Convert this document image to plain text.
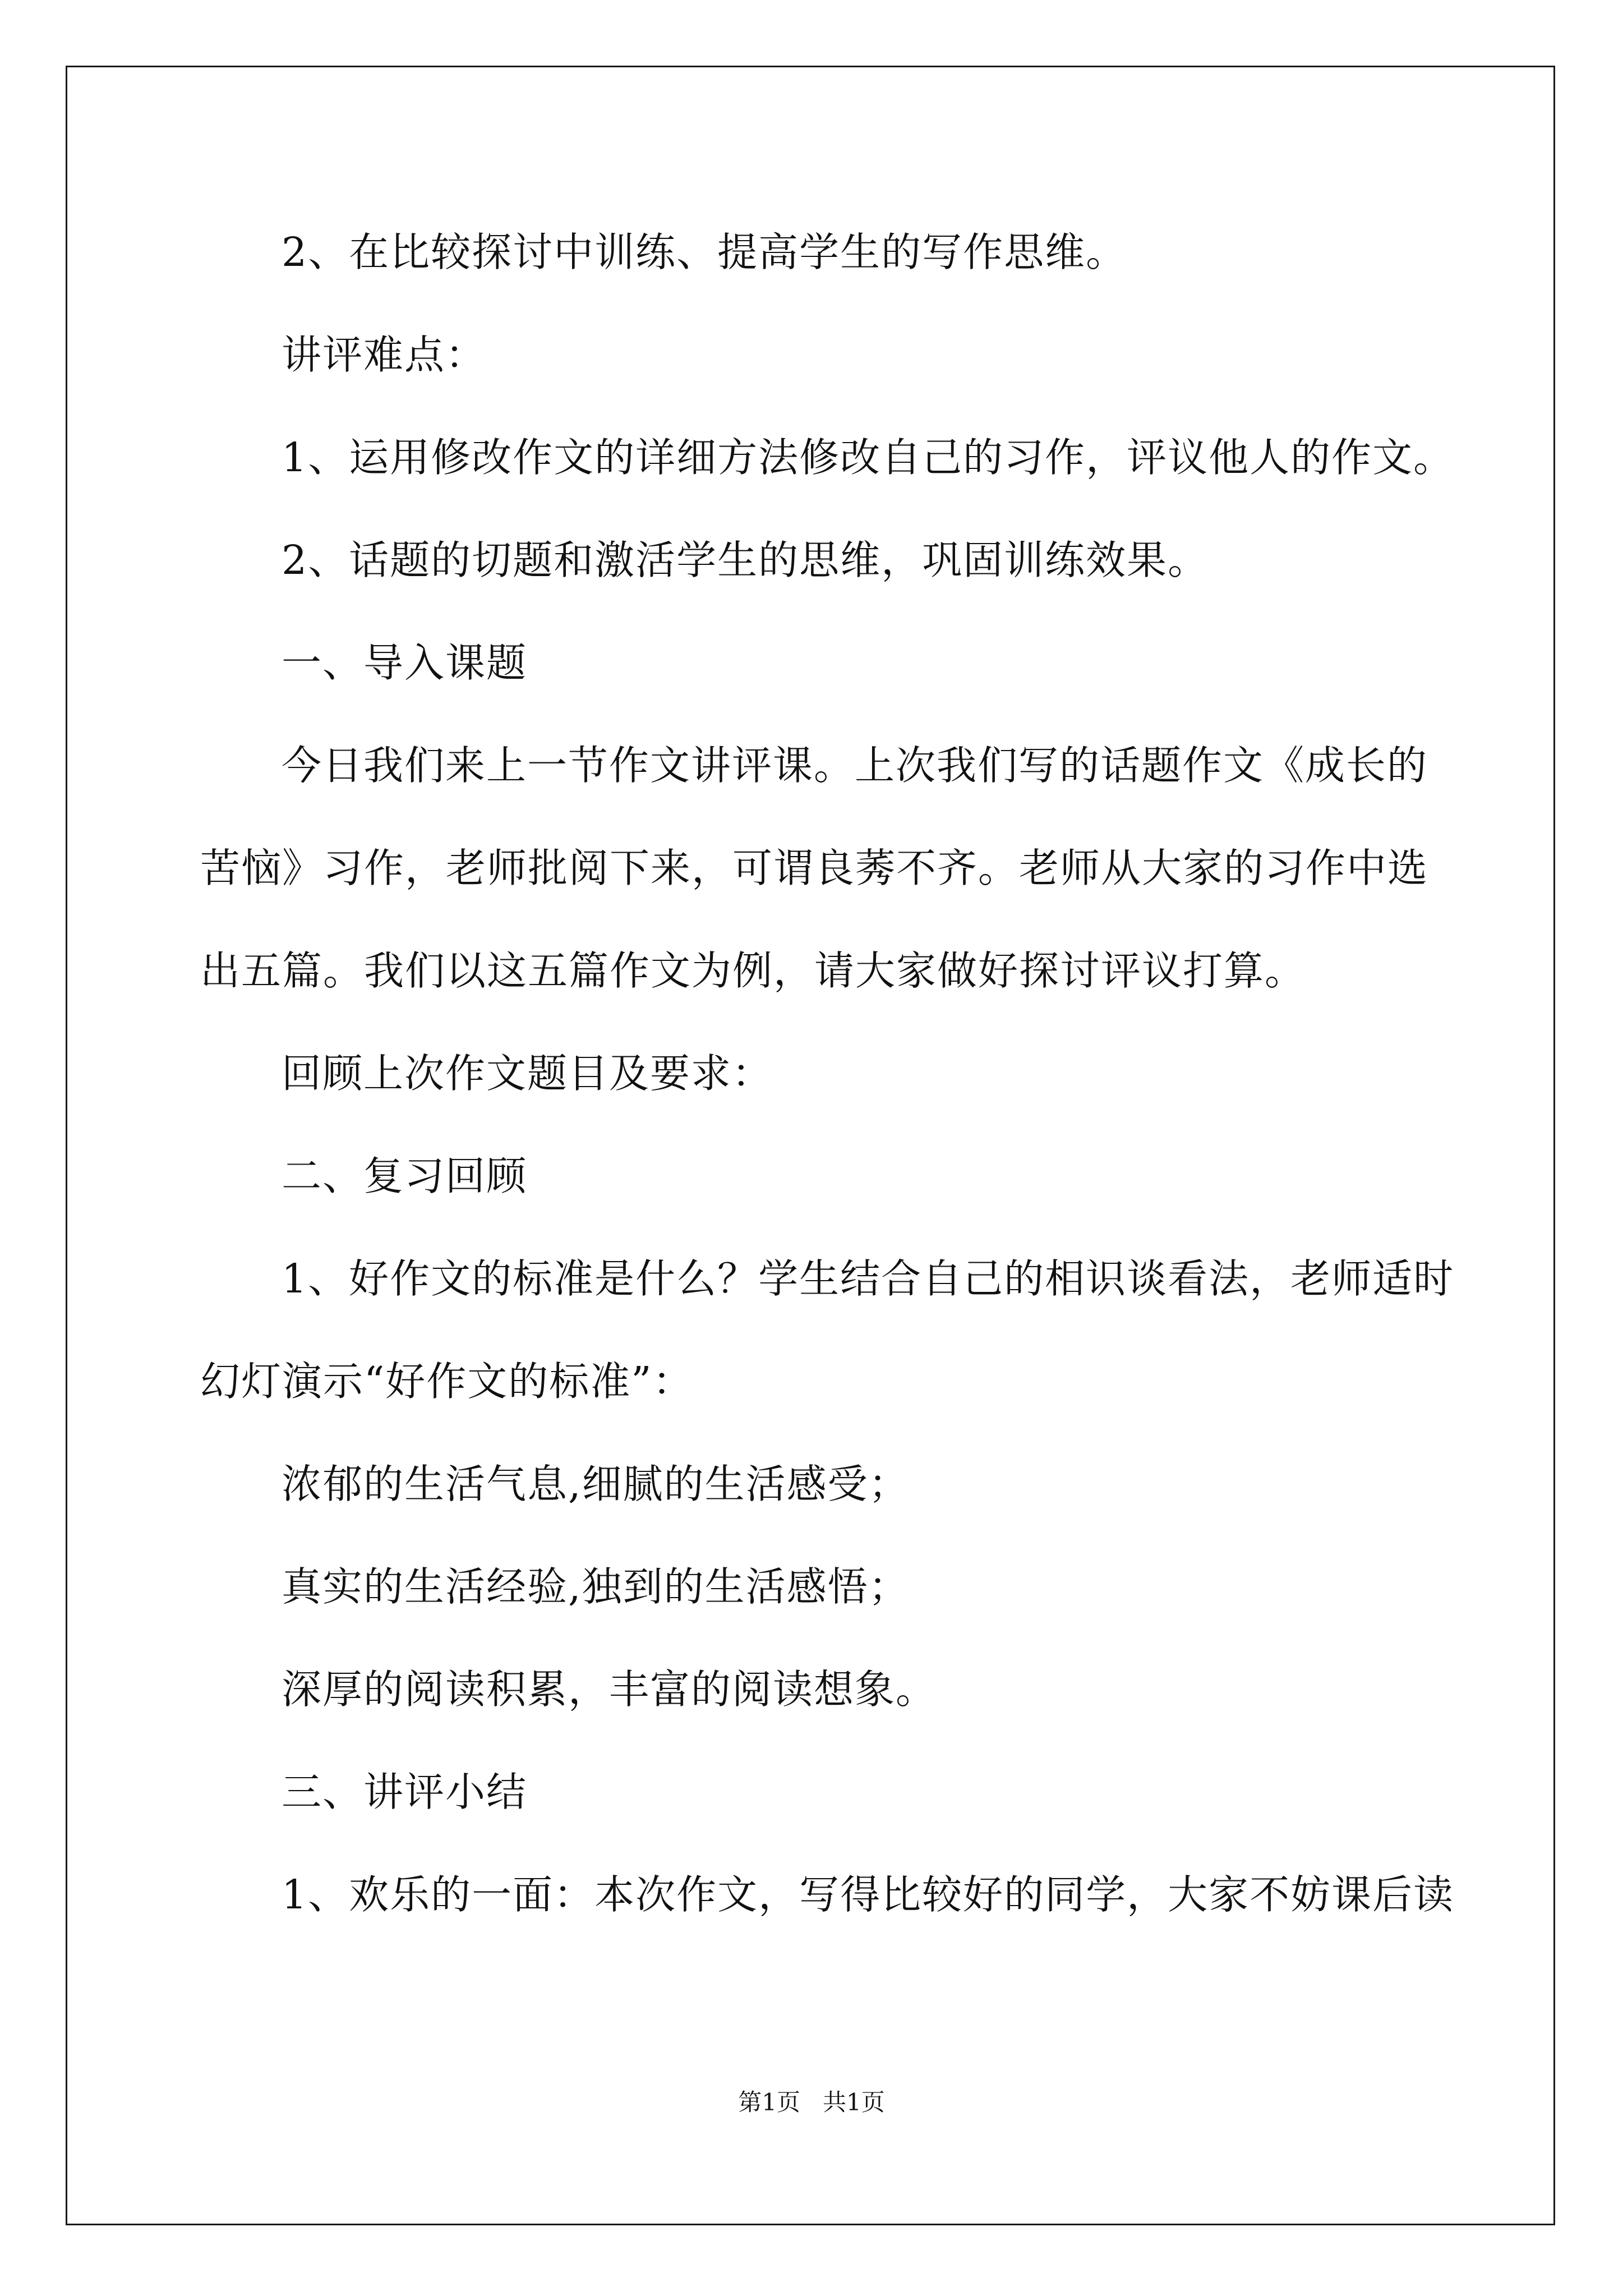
2、在比较探讨中训练、提高学生的写作思维。
讲评难点：
1、运用修改作文的详细方法修改自己的习作，评议他人的作文。
2、话题的切题和激活学生的思维，巩固训练效果。
一、导入课题
今日我们来上一节作文讲评课。上次我们写的话题作文《成长的
苦恼》习作，老师批阅下来，可谓良莠不齐。老师从大家的习作中选
出五篇。我们以这五篇作文为例，请大家做好探讨评议打算。
回顾上次作文题目及要求：
二、复习回顾
1、好作文的标准是什么？学生结合自己的相识谈看法，老师适时
幻灯演示“好作文的标准”：
浓郁的生活气息,细腻的生活感受；
真实的生活经验,独到的生活感悟；
深厚的阅读积累，丰富的阅读想象。
三、讲评小结
1、欢乐的一面：本次作文，写得比较好的同学，大家不妨课后读
第1页 共1页
